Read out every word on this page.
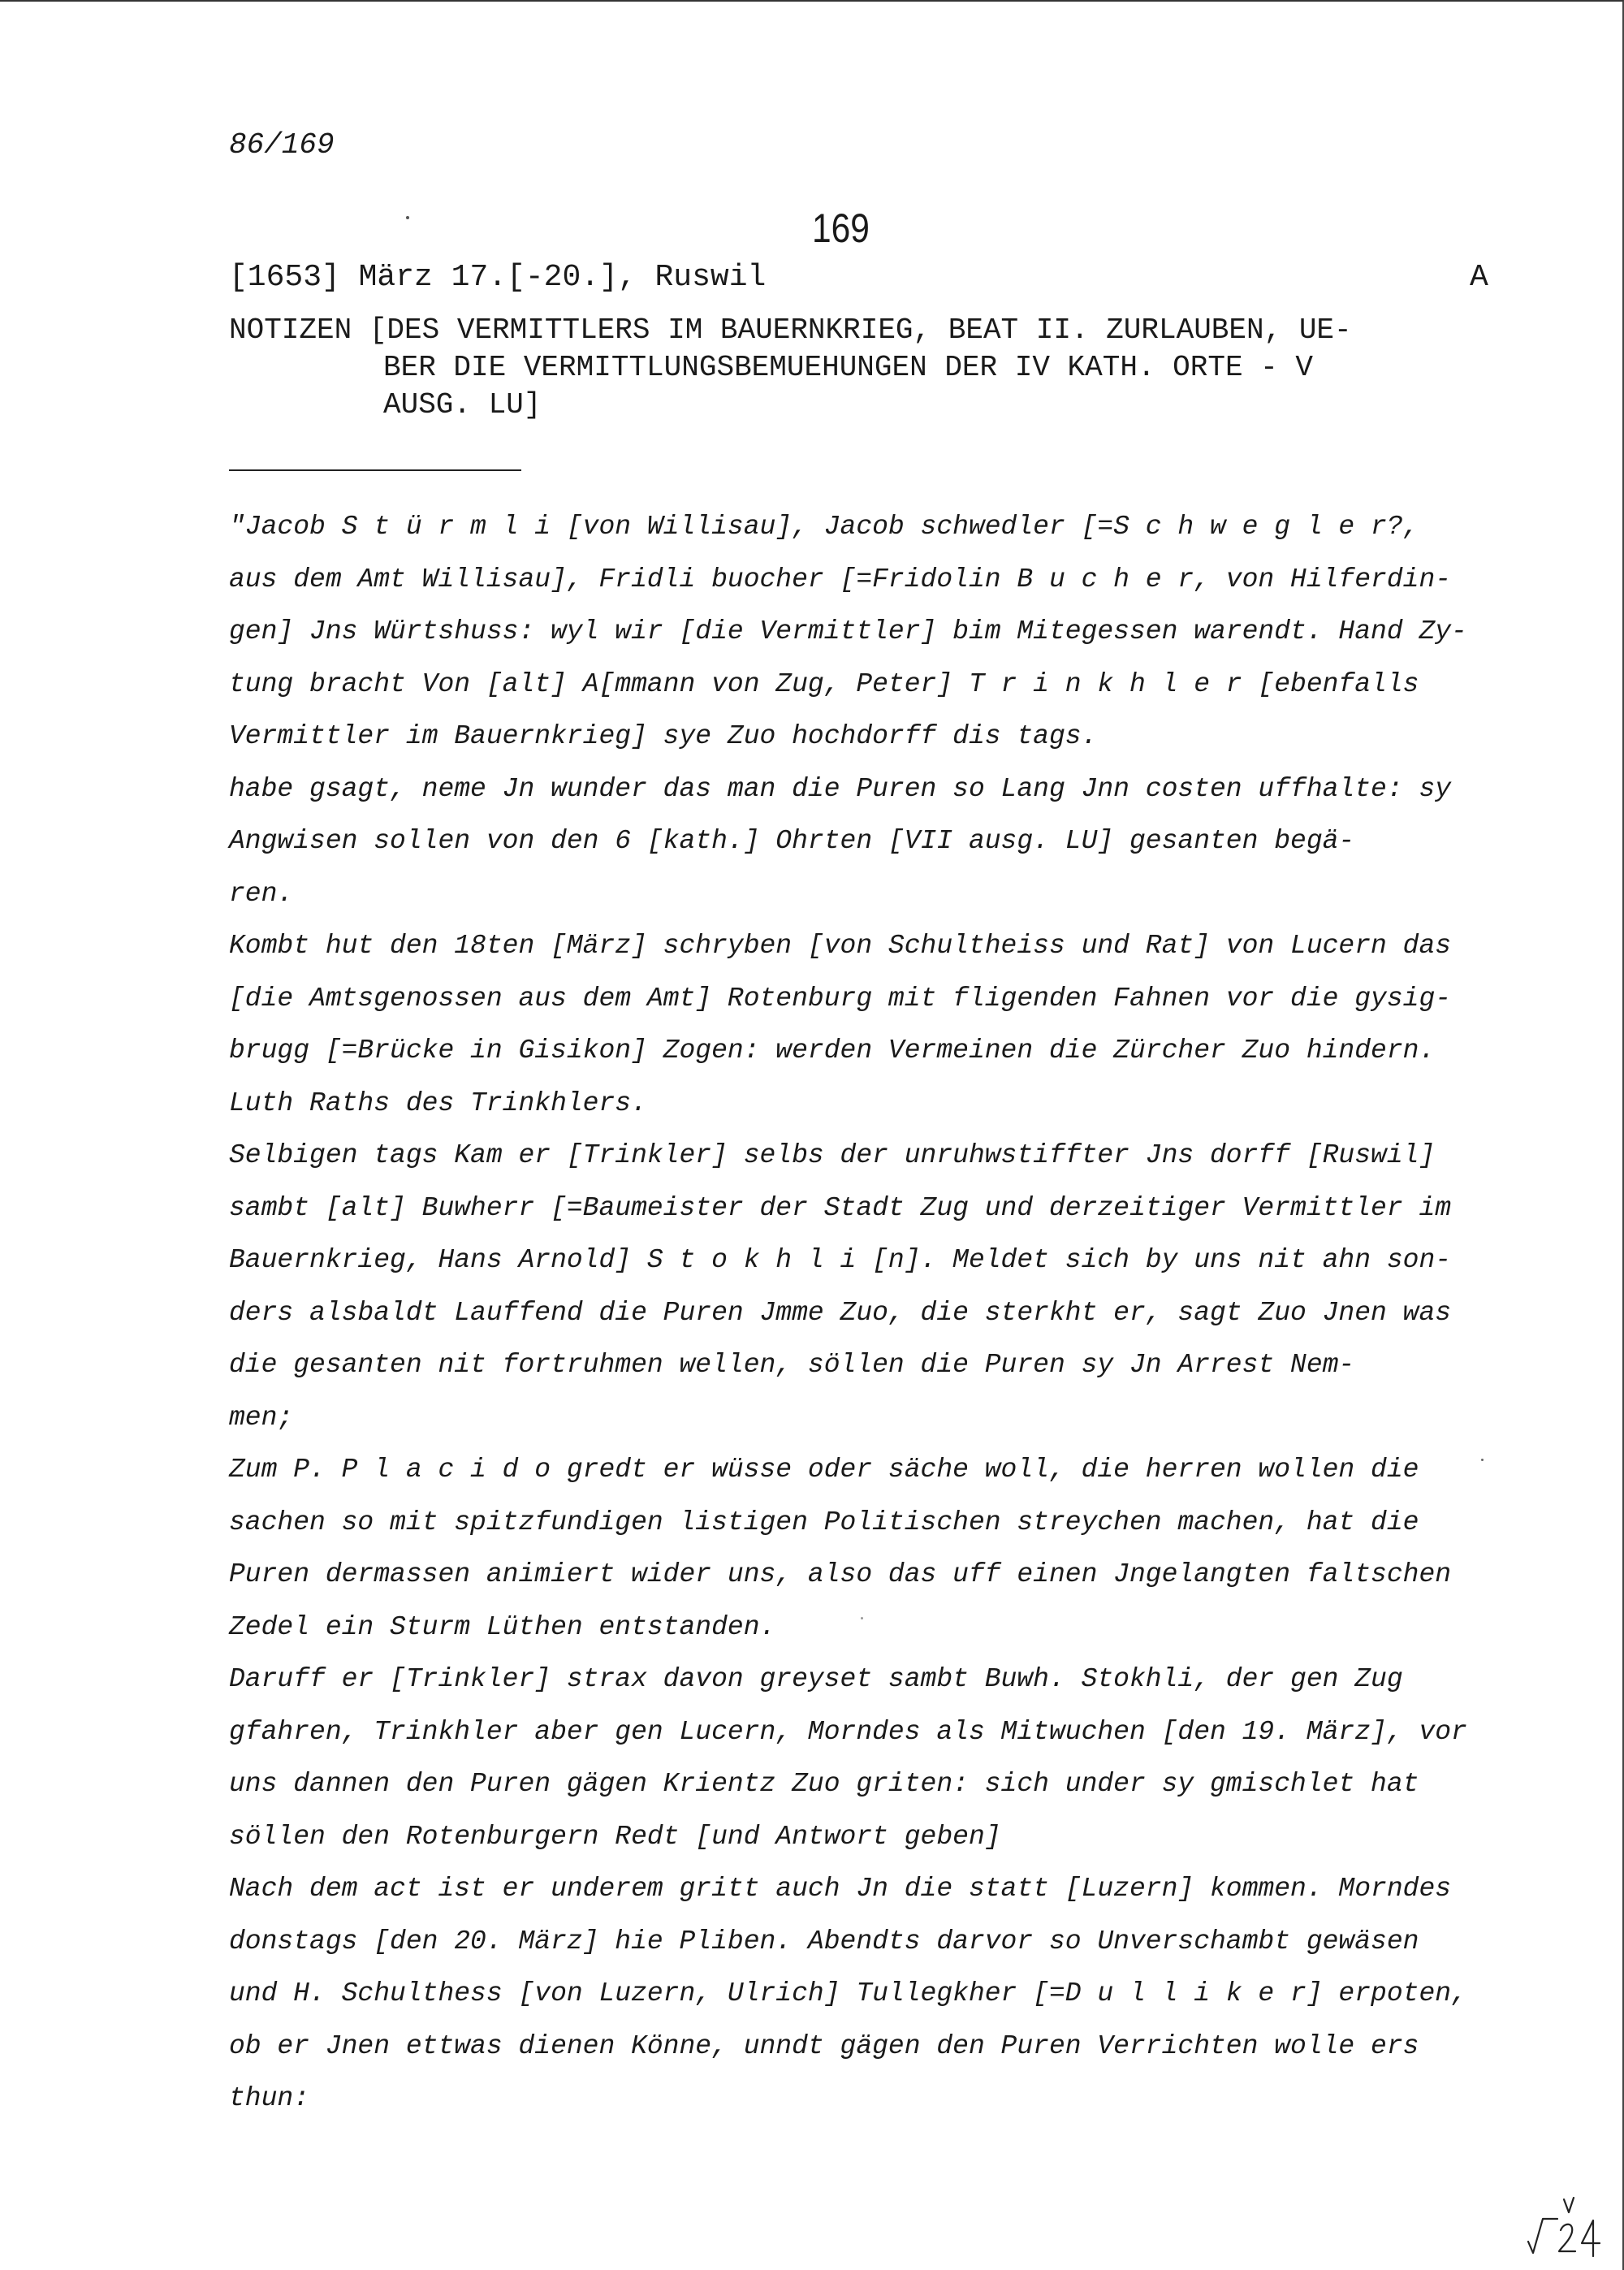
86/169
169
[1653] März 17.[-20.], Ruswil	A
NOTIZEN [DES VERMITTLERS IM BAUERNKRIEG, BEAT II. ZURLAUBEN, UE-
BER DIE VERMITTLUNGSBEMUEHUNGEN DER IV KATH. ORTE - V
AUSG. LU]
"Jacob S t ü r m l i [von Willisau], Jacob schwedler [=S c h w e g l e r?,
aus dem Amt Willisau], Fridli buocher [=Fridolin B u c h e r, von Hilferdin-
gen] Jns Würtshuss: wyl wir [die Vermittler] bim Mitegessen warendt. Hand Zy-
tung bracht Von [alt] A[mmann von Zug, Peter] T r i n k h l e r [ebenfalls
Vermittler im Bauernkrieg] sye Zuo hochdorff dis tags.
habe gsagt, neme Jn wunder das man die Puren so Lang Jnn costen uffhalte: sy
Angwisen sollen von den 6 [kath.] Ohrten [VII ausg. LU] gesanten begä-
ren.
Kombt hut den 18ten [März] schryben [von Schultheiss und Rat] von Lucern das
[die Amtsgenossen aus dem Amt] Rotenburg mit fligenden Fahnen vor die gysig-
brugg [=Brücke in Gisikon] Zogen: werden Vermeinen die Zürcher Zuo hindern.
Luth Raths des Trinkhlers.
Selbigen tags Kam er [Trinkler] selbs der unruhwstiffter Jns dorff [Ruswil]
sambt [alt] Buwherr [=Baumeister der Stadt Zug und derzeitiger Vermittler im
Bauernkrieg, Hans Arnold] S t o k h l i [n]. Meldet sich by uns nit ahn son-
ders alsbaldt Lauffend die Puren Jmme Zuo, die sterkht er, sagt Zuo Jnen was
die gesanten nit fortruhmen wellen, söllen die Puren sy Jn Arrest Nem-
men;
Zum P. P l a c i d o gredt er wüsse oder säche woll, die herren wollen die
sachen so mit spitzfundigen listigen Politischen streychen machen, hat die
Puren dermassen animiert wider uns, also das uff einen Jngelangten faltschen
Zedel ein Sturm Lüthen entstanden.
Daruff er [Trinkler] strax davon greyset sambt Buwh. Stokhli, der gen Zug
gfahren, Trinkhler aber gen Lucern, Morndes als Mitwuchen [den 19. März], vor
uns dannen den Puren gägen Krientz Zuo griten: sich under sy gmischlet hat
söllen den Rotenburgern Redt [und Antwort geben]
Nach dem act ist er underem gritt auch Jn die statt [Luzern] kommen. Morndes
donstags [den 20. März] hie Pliben. Abendts darvor so Unverschambt gewäsen
und H. Schulthess [von Luzern, Ulrich] Tullegkher [=D u l l i k e r] erpoten,
ob er Jnen ettwas dienen Könne, unndt gägen den Puren Verrichten wolle ers
thun:
